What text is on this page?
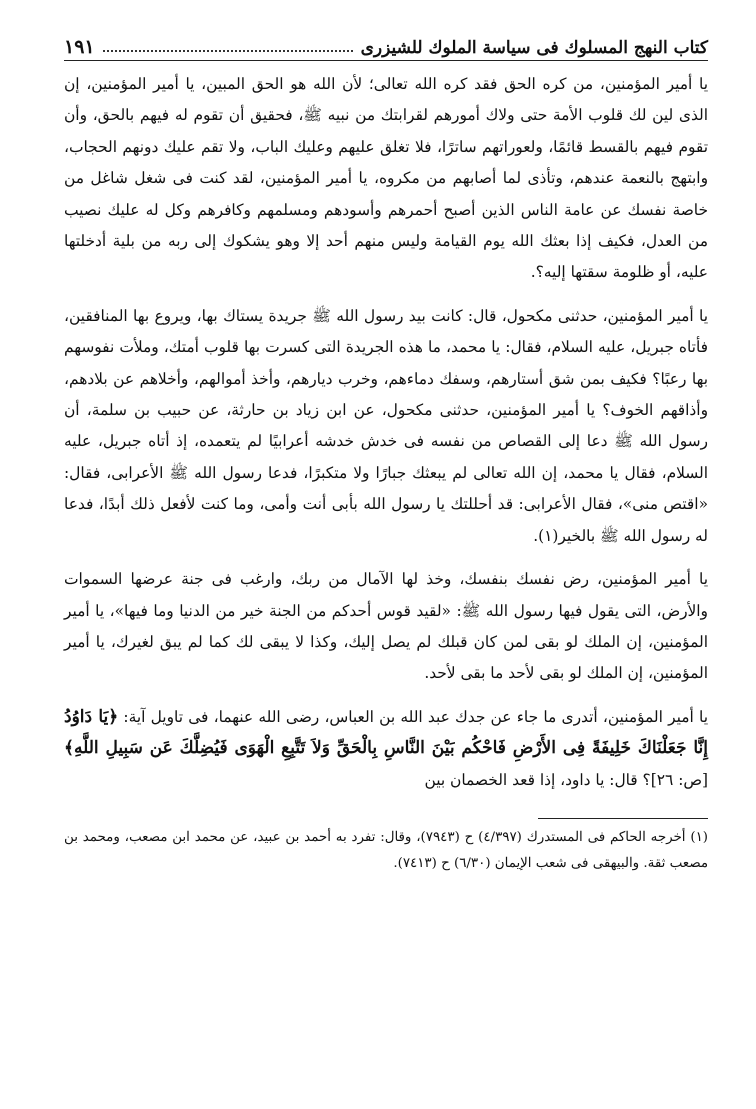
كتاب النهج المسلوك فى سياسة الملوك للشيزرى
١٩١

يا أمير المؤمنين، من كره الحق فقد كره الله تعالى؛ لأن الله هو الحق المبين، يا أمير المؤمنين، إن الذى لين لك قلوب الأمة حتى ولاك أمورهم لقرابتك من نبيه ﷺ، فحقيق أن تقوم له فيهم بالحق، وأن تقوم فيهم بالقسط قائمًا، ولعوراتهم ساترًا، فلا تغلق عليهم وعليك الباب، ولا تقم عليك دونهم الحجاب، وابتهج بالنعمة عندهم، وتأذى لما أصابهم من مكروه، يا أمير المؤمنين، لقد كنت فى شغل شاغل من خاصة نفسك عن عامة الناس الذين أصبح أحمرهم وأسودهم ومسلمهم وكافرهم وكل له عليك نصيب من العدل، فكيف إذا بعثك الله يوم القيامة وليس منهم أحد إلا وهو يشكوك إلى ربه من بلية أدخلتها عليه، أو ظلومة سقتها إليه؟.

يا أمير المؤمنين، حدثنى مكحول، قال: كانت بيد رسول الله ﷺ جريدة يستاك بها، ويروع بها المنافقين، فأتاه جبريل، عليه السلام، فقال: يا محمد، ما هذه الجريدة التى كسرت بها قلوب أمتك، وملأت نفوسهم بها رعبًا؟ فكيف بمن شق أستارهم، وسفك دماءهم، وخرب ديارهم، وأخذ أموالهم، وأخلاهم عن بلادهم، وأذاقهم الخوف؟ يا أمير المؤمنين، حدثنى مكحول، عن ابن زياد بن حارثة، عن حبيب بن سلمة، أن رسول الله ﷺ دعا إلى القصاص من نفسه فى خدش خدشه أعرابيًا لم يتعمده، إذ أتاه جبريل، عليه السلام، فقال يا محمد، إن الله تعالى لم يبعثك جبارًا ولا متكبرًا، فدعا رسول الله ﷺ الأعرابى، فقال: «اقتص منى»، فقال الأعرابى: قد أحللتك يا رسول الله بأبى أنت وأمى، وما كنت لأفعل ذلك أبدًا، فدعا له رسول الله ﷺ بالخير(١).

يا أمير المؤمنين، رض نفسك بنفسك، وخذ لها الآمال من ربك، وارغب فى جنة عرضها السموات والأرض، التى يقول فيها رسول الله ﷺ: «لقيد قوس أحدكم من الجنة خير من الدنيا وما فيها»، يا أمير المؤمنين، إن الملك لو بقى لمن كان قبلك لم يصل إليك، وكذا لا يبقى لك كما لم يبق لغيرك، يا أمير المؤمنين، إن الملك لو بقى لأحد ما بقى لأحد.

يا أمير المؤمنين، أتدرى ما جاء عن جدك عبد الله بن العباس، رضى الله عنهما، فى تاويل آية: ﴿يَا دَاوُدُ إِنَّا جَعَلْنَاكَ خَلِيفَةً فِى الأَرْضِ فَاحْكُم بَيْنَ النَّاسِ بِالْحَقِّ وَلاَ تَتَّبِعِ الْهَوَى فَيُضِلَّكَ عَن سَبِيلِ اللَّهِ﴾ [ص: ٢٦]؟ قال: يا داود، إذا قعد الخصمان بين

(١) أخرجه الحاكم فى المستدرك (٤/٣٩٧) ح (٧٩٤٣)، وقال: تفرد به أحمد بن عبيد، عن محمد ابن مصعب، ومحمد بن مصعب ثقة. والبيهقى فى شعب الإيمان (٦/٣٠) ح (٧٤١٣).
